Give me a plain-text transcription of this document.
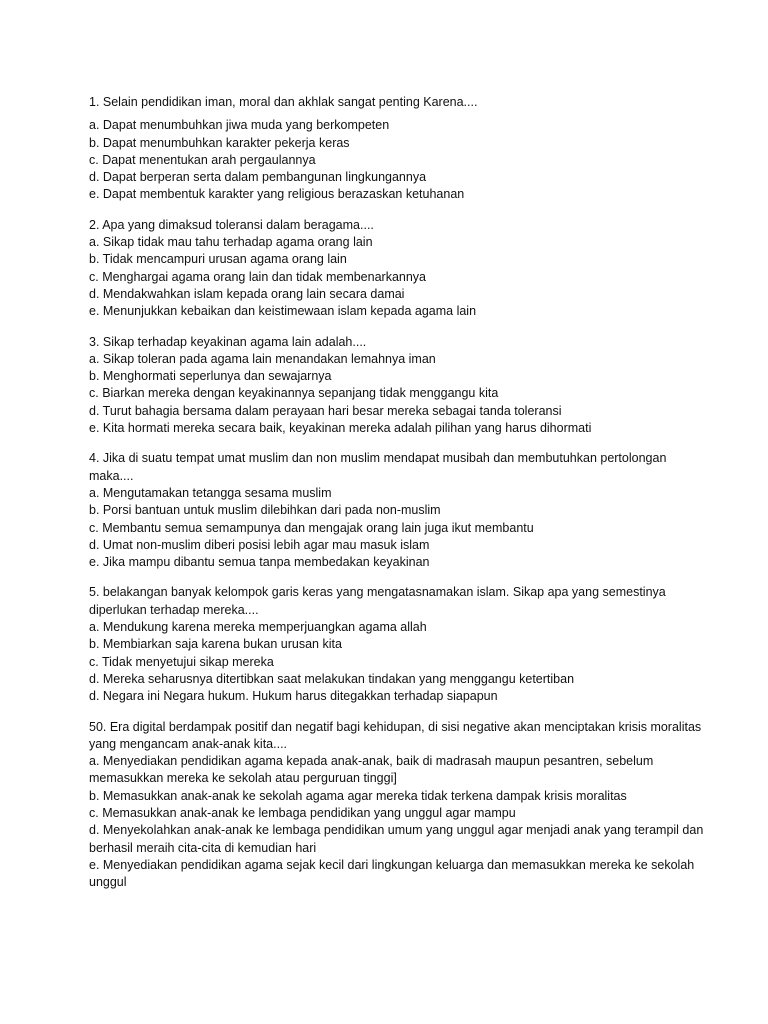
1. Selain pendidikan iman, moral dan akhlak sangat penting Karena....

a. Dapat menumbuhkan jiwa muda yang berkompeten
b. Dapat menumbuhkan karakter pekerja keras
c. Dapat menentukan arah pergaulannya
d. Dapat berperan serta dalam pembangunan lingkungannya
e. Dapat membentuk karakter yang religious berazaskan ketuhanan

2. Apa yang dimaksud toleransi dalam beragama....

a. Sikap tidak mau tahu terhadap agama orang lain
b. Tidak mencampuri urusan agama orang lain
c. Menghargai agama orang lain dan tidak membenarkannya
d. Mendakwahkan islam kepada orang lain secara damai
e. Menunjukkan kebaikan dan keistimewaan islam kepada agama lain

3. Sikap terhadap keyakinan agama lain adalah....

a. Sikap toleran pada agama lain menandakan lemahnya iman
b. Menghormati seperlunya dan sewajarnya
c. Biarkan mereka dengan keyakinannya sepanjang tidak menggangu kita
d. Turut bahagia bersama dalam perayaan hari besar mereka sebagai tanda toleransi
e. Kita hormati mereka secara baik, keyakinan mereka adalah pilihan yang harus dihormati

4. Jika di suatu tempat umat muslim dan non muslim mendapat musibah dan membutuhkan pertolongan maka....

a. Mengutamakan tetangga sesama muslim
b. Porsi bantuan untuk muslim dilebihkan dari pada non-muslim
c. Membantu semua semampunya dan mengajak orang lain juga ikut membantu
d. Umat non-muslim diberi posisi lebih agar mau masuk islam
e. Jika mampu dibantu semua tanpa membedakan keyakinan

5. belakangan banyak kelompok garis keras yang mengatasnamakan islam. Sikap apa yang semestinya diperlukan terhadap mereka....

a. Mendukung karena mereka memperjuangkan agama allah
b. Membiarkan saja karena bukan urusan kita
c. Tidak menyetujui sikap mereka
d. Mereka seharusnya ditertibkan saat melakukan tindakan yang menggangu ketertiban
d. Negara ini Negara hukum. Hukum harus ditegakkan terhadap siapapun

50. Era digital berdampak positif dan negatif bagi kehidupan, di sisi negative akan menciptakan krisis moralitas yang mengancam anak-anak kita....

a. Menyediakan pendidikan agama kepada anak-anak, baik di madrasah maupun pesantren, sebelum memasukkan mereka ke sekolah atau perguruan tinggi]
b. Memasukkan anak-anak ke sekolah agama agar mereka tidak terkena dampak krisis moralitas
c. Memasukkan anak-anak ke lembaga pendidikan yang unggul agar mampu
d. Menyekolahkan anak-anak ke lembaga pendidikan umum yang unggul agar menjadi anak yang terampil dan berhasil meraih cita-cita di kemudian hari
e. Menyediakan pendidikan agama sejak kecil dari lingkungan keluarga dan memasukkan mereka ke sekolah unggul
